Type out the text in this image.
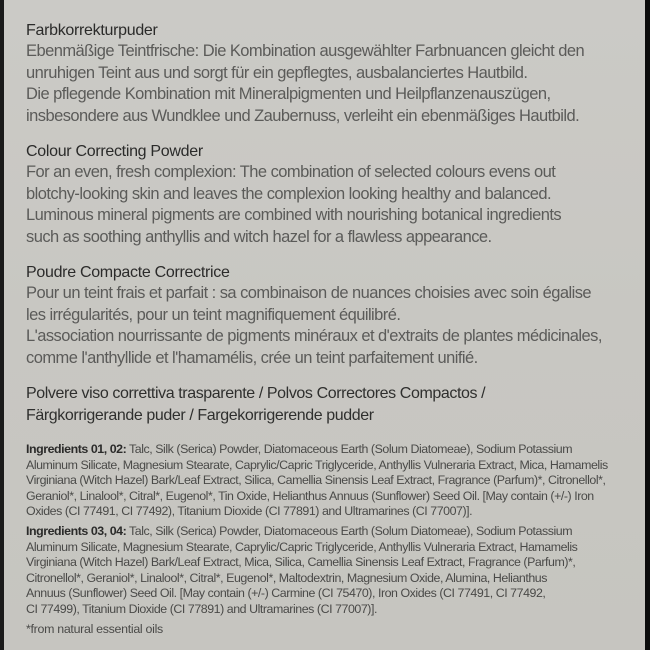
Farbkorrekturpuder
Ebenmäßige Teintfrische: Die Kombination ausgewählter Farbnuancen gleicht den
unruhigen Teint aus und sorgt für ein gepflegtes, ausbalanciertes Hautbild.
Die pflegende Kombination mit Mineralpigmenten und Heilpflanzenauszügen,
insbesondere aus Wundklee und Zaubernuss, verleiht ein ebenmäßiges Hautbild.
Colour Correcting Powder
For an even, fresh complexion: The combination of selected colours evens out
blotchy-looking skin and leaves the complexion looking healthy and balanced.
Luminous mineral pigments are combined with nourishing botanical ingredients
such as soothing anthyllis and witch hazel for a flawless appearance.
Poudre Compacte Correctrice
Pour un teint frais et parfait : sa combinaison de nuances choisies avec soin égalise
les irrégularités, pour un teint magnifiquement équilibré.
L'association nourrissante de pigments minéraux et d'extraits de plantes médicinales,
comme l'anthyllide et l'hamamélis, crée un teint parfaitement unifié.
Polvere viso correttiva trasparente / Polvos Correctores Compactos /
Färgkorrigerande puder / Fargekorrigerende pudder
Ingredients 01, 02: Talc, Silk (Serica) Powder, Diatomaceous Earth (Solum Diatomeae), Sodium Potassium
Aluminum Silicate, Magnesium Stearate, Caprylic/Capric Triglyceride, Anthyllis Vulneraria Extract, Mica, Hamamelis
Virginiana (Witch Hazel) Bark/Leaf Extract, Silica, Camellia Sinensis Leaf Extract, Fragrance (Parfum)*, Citronellol*,
Geraniol*, Linalool*, Citral*, Eugenol*, Tin Oxide, Helianthus Annuus (Sunflower) Seed Oil. [May contain (+/-) Iron
Oxides (CI 77491, CI 77492), Titanium Dioxide (CI 77891) and Ultramarines (CI 77007)].
Ingredients 03, 04: Talc, Silk (Serica) Powder, Diatomaceous Earth (Solum Diatomeae), Sodium Potassium
Aluminum Silicate, Magnesium Stearate, Caprylic/Capric Triglyceride, Anthyllis Vulneraria Extract, Hamamelis
Virginiana (Witch Hazel) Bark/Leaf Extract, Mica, Silica, Camellia Sinensis Leaf Extract, Fragrance (Parfum)*,
Citronellol*, Geraniol*, Linalool*, Citral*, Eugenol*, Maltodextrin, Magnesium Oxide, Alumina, Helianthus
Annuus (Sunflower) Seed Oil. [May contain (+/-) Carmine (CI 75470), Iron Oxides (CI 77491, CI 77492,
CI 77499), Titanium Dioxide (CI 77891) and Ultramarines (CI 77007)].
*from natural essential oils
